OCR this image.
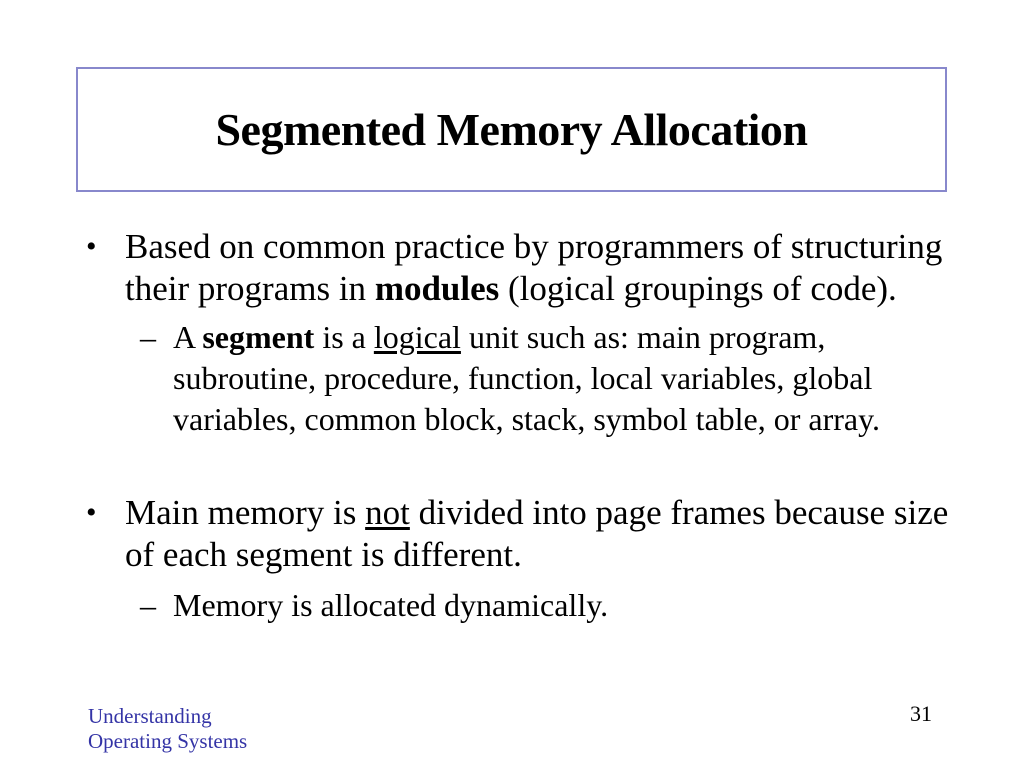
Segmented Memory Allocation
• Based on common practice by programmers of structuring their programs in modules (logical groupings of code).
– A segment is a logical unit such as: main program, subroutine, procedure, function, local variables, global variables, common block, stack, symbol table, or array.
• Main memory is not divided into page frames because size of each segment is different.
– Memory is allocated dynamically.
Understanding
Operating Systems
31
